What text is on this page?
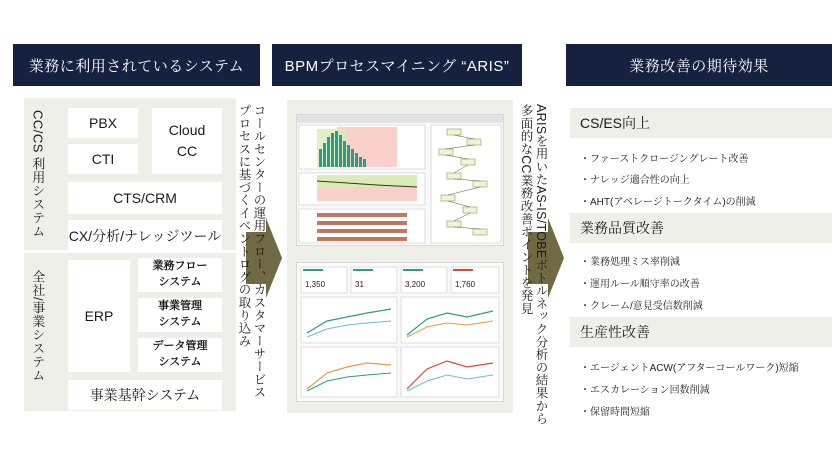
業務に利用されているシステム	BPMプロセスマイニング “ARIS”	業務改善の期待効果
CC/CS 利用システム
全社/事業システム
PBX
CTI
Cloud
CC
CTS/CRM
CX/分析/ナレッジツール
ERP
業務フロー
システム
事業管理
システム
データ管理
システム
事業基幹システム	コールセンターの運用フロー、カスタマーサービスプロセスに基づくイベントログの取り込み	1,350	31	3,200	1,760	ARISを用いたAS-IS/TOBEボトルネック分析の結果から多面的なCC業務改善ポイントを発見	CS/ES向上
・ファーストクロージングレート改善
・ナレッジ適合性の向上
・AHT(アベレージトークタイム)の削減
業務品質改善
・業務処理ミス率削減
・運用ルール順守率の改善
・クレーム/意見受信数削減
生産性改善
・エージェントACW(アフターコールワーク)短縮
・エスカレーション回数削減
・保留時間短縮
